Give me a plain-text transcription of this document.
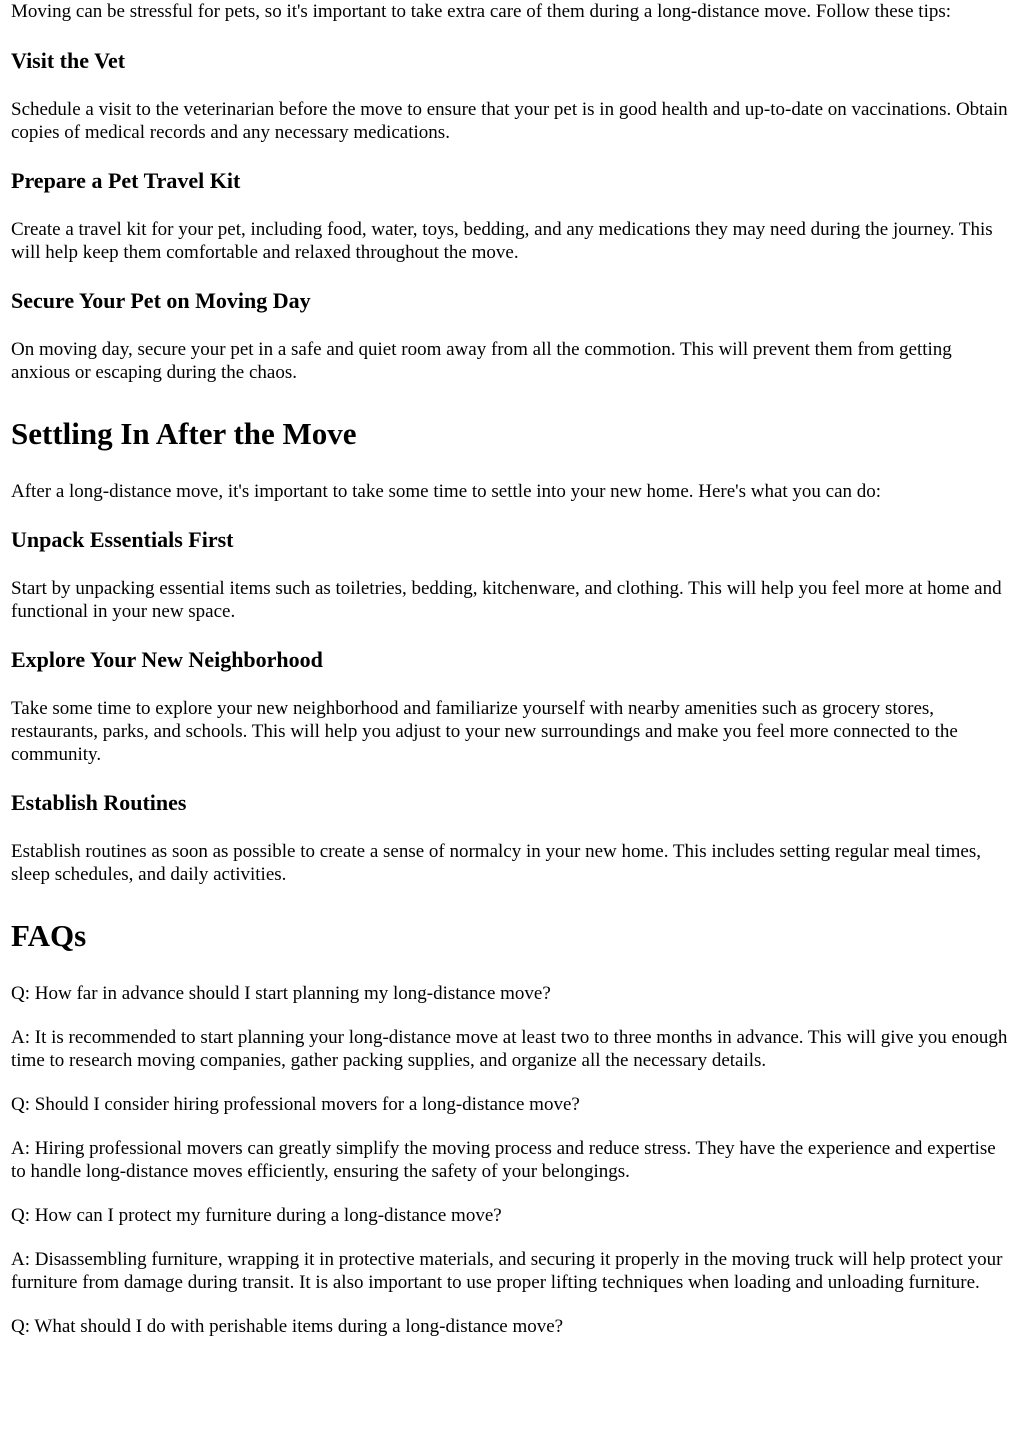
Moving can be stressful for pets, so it's important to take extra care of them during a long-distance move. Follow these tips:

Visit the Vet

Schedule a visit to the veterinarian before the move to ensure that your pet is in good health and up-to-date on vaccinations. Obtain copies of medical records and any necessary medications.

Prepare a Pet Travel Kit

Create a travel kit for your pet, including food, water, toys, bedding, and any medications they may need during the journey. This will help keep them comfortable and relaxed throughout the move.

Secure Your Pet on Moving Day

On moving day, secure your pet in a safe and quiet room away from all the commotion. This will prevent them from getting anxious or escaping during the chaos.

Settling In After the Move

After a long-distance move, it's important to take some time to settle into your new home. Here's what you can do:

Unpack Essentials First

Start by unpacking essential items such as toiletries, bedding, kitchenware, and clothing. This will help you feel more at home and functional in your new space.

Explore Your New Neighborhood

Take some time to explore your new neighborhood and familiarize yourself with nearby amenities such as grocery stores, restaurants, parks, and schools. This will help you adjust to your new surroundings and make you feel more connected to the community.

Establish Routines

Establish routines as soon as possible to create a sense of normalcy in your new home. This includes setting regular meal times, sleep schedules, and daily activities.

FAQs

Q: How far in advance should I start planning my long-distance move?

A: It is recommended to start planning your long-distance move at least two to three months in advance. This will give you enough time to research moving companies, gather packing supplies, and organize all the necessary details.

Q: Should I consider hiring professional movers for a long-distance move?

A: Hiring professional movers can greatly simplify the moving process and reduce stress. They have the experience and expertise to handle long-distance moves efficiently, ensuring the safety of your belongings.

Q: How can I protect my furniture during a long-distance move?

A: Disassembling furniture, wrapping it in protective materials, and securing it properly in the moving truck will help protect your furniture from damage during transit. It is also important to use proper lifting techniques when loading and unloading furniture.

Q: What should I do with perishable items during a long-distance move?
